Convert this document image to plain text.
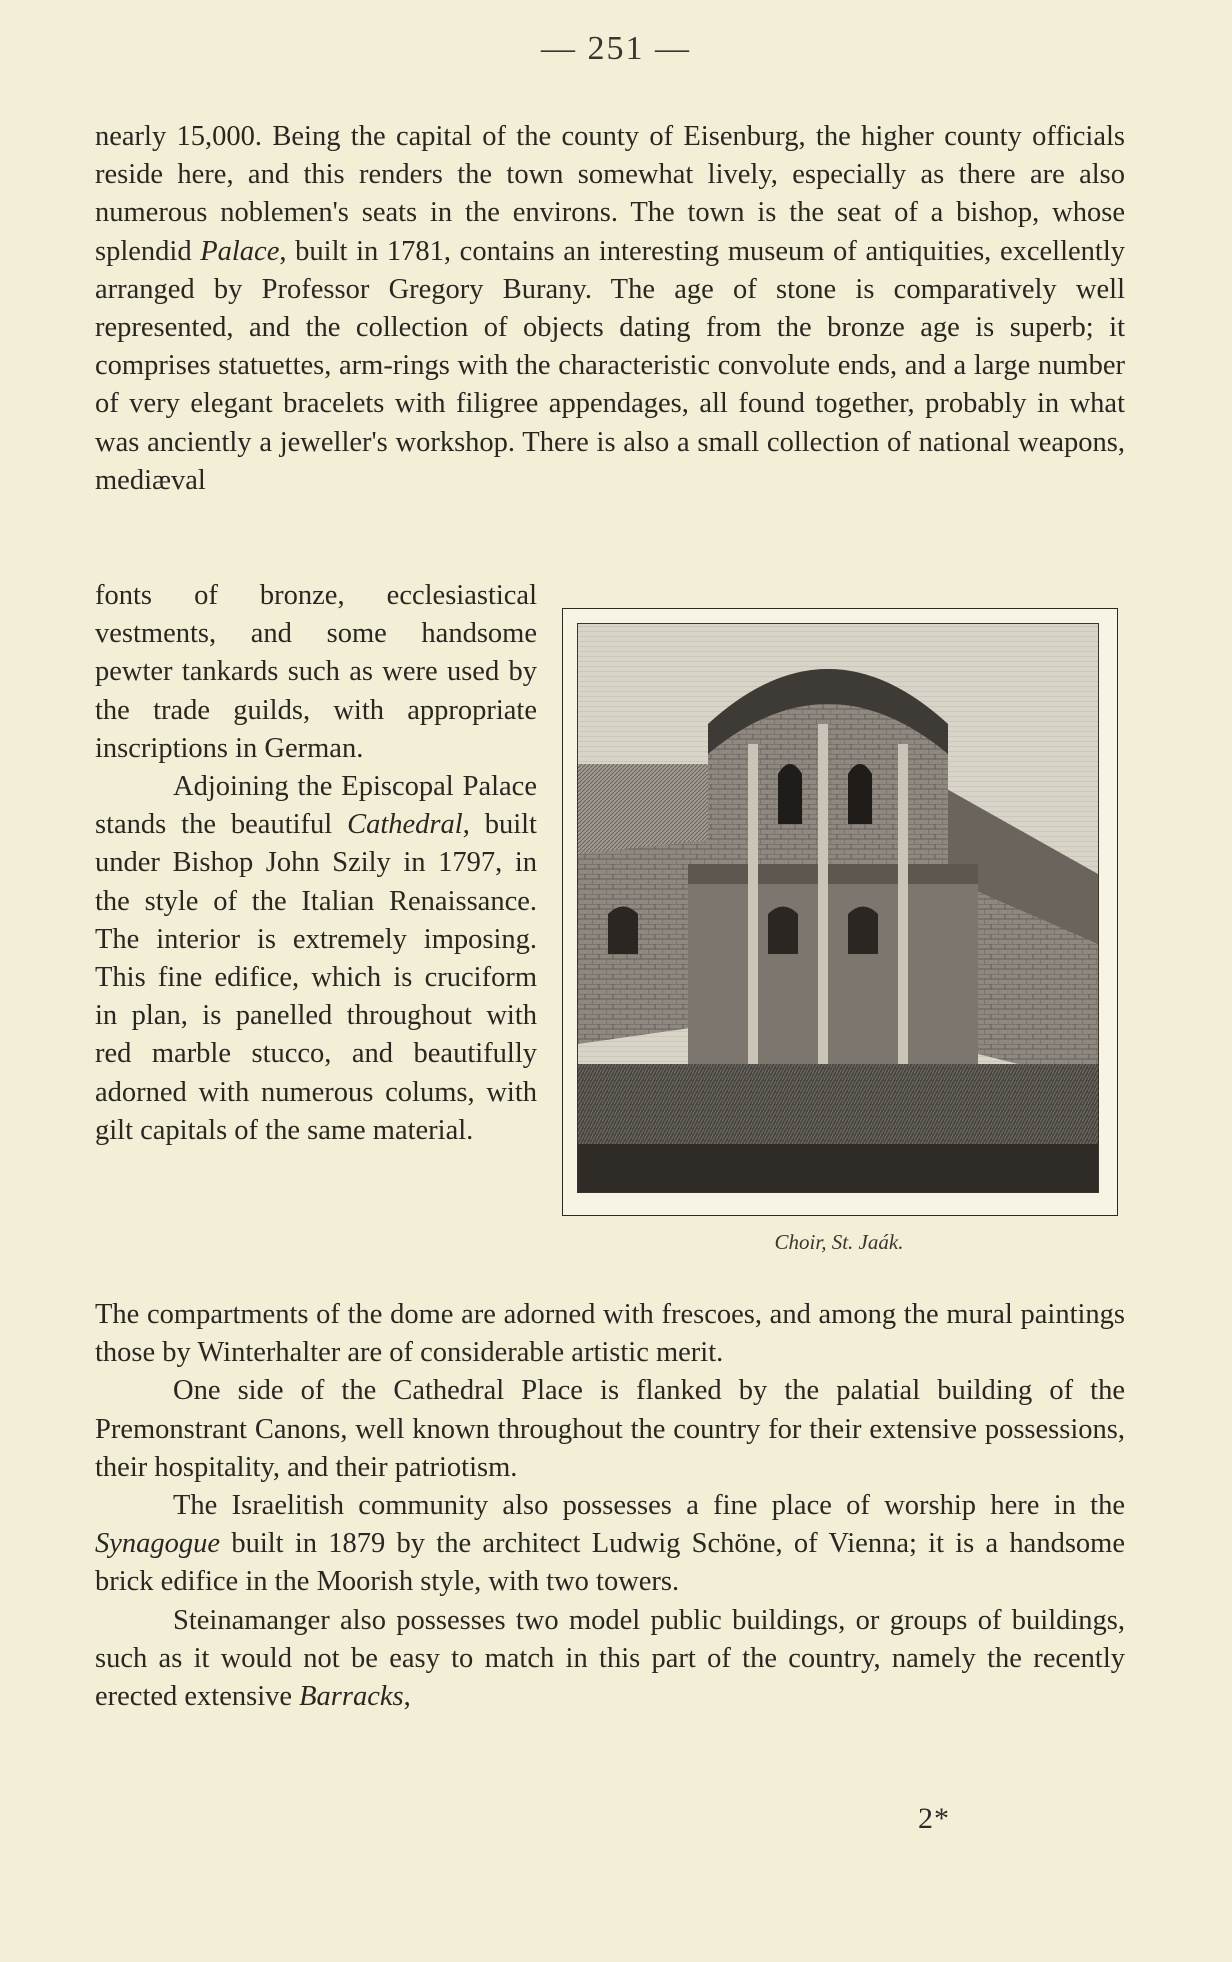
— 251 —

nearly 15,000. Being the capital of the county of Eisenburg, the higher county officials reside here, and this renders the town somewhat lively, especially as there are also numerous noblemen's seats in the environs. The town is the seat of a bishop, whose splendid Palace, built in 1781, contains an interesting museum of antiquities, excellently arranged by Professor Gregory Burany. The age of stone is comparatively well represented, and the collection of objects dating from the bronze age is superb; it comprises statuettes, arm-rings with the characteristic convolute ends, and a large number of very elegant bracelets with filigree appendages, all found together, probably in what was anciently a jeweller's workshop. There is also a small collection of national weapons, mediæval

fonts of bronze, ecclesiastical vestments, and some handsome pewter tankards such as were used by the trade guilds, with appropriate inscriptions in German.

Adjoining the Episcopal Palace stands the beautiful Cathedral, built under Bishop John Szily in 1797, in the style of the Italian Renaissance. The interior is extremely imposing. This fine edifice, which is cruciform in plan, is panelled throughout with red marble stucco, and beautifully adorned with numerous colums, with gilt capitals of the same material.

Choir, St. Jaák.

The compartments of the dome are adorned with frescoes, and among the mural paintings those by Winterhalter are of considerable artistic merit.

One side of the Cathedral Place is flanked by the palatial building of the Premonstrant Canons, well known throughout the country for their extensive possessions, their hospitality, and their patriotism.

The Israelitish community also possesses a fine place of worship here in the Synagogue built in 1879 by the architect Ludwig Schöne, of Vienna; it is a handsome brick edifice in the Moorish style, with two towers.

Steinamanger also possesses two model public buildings, or groups of buildings, such as it would not be easy to match in this part of the country, namely the recently erected extensive Barracks,

2*
